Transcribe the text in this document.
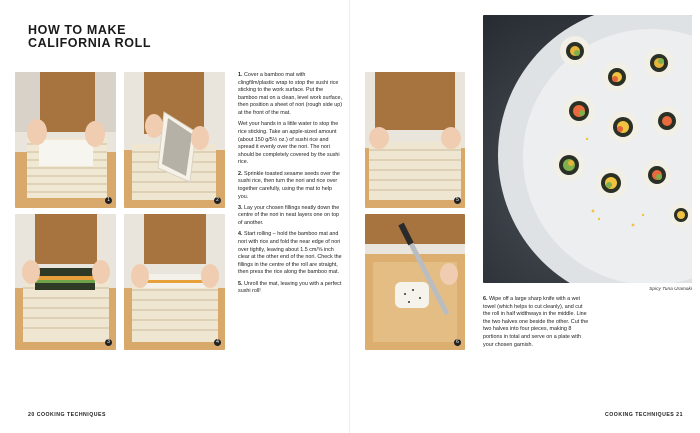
HOW TO MAKE CALIFORNIA ROLL
1	2
3	4

1. Cover a bamboo mat with clingfilm/plastic wrap to stop the sushi rice sticking to the work surface. Put the bamboo mat on a clean, level work surface, then position a sheet of nori (rough side up) at the front of the mat.

Wet your hands in a little water to stop the rice sticking. Take an apple-sized amount (about 150 g/5½ oz.) of sushi rice and spread it evenly over the nori. The nori should be completely covered by the sushi rice.

2. Sprinkle toasted sesame seeds over the sushi rice, then turn the nori and rice over together carefully, using the mat to help you.

3. Lay your chosen fillings neatly down the centre of the nori in neat layers one on top of another.

4. Start rolling – hold the bamboo mat and nori with rice and fold the near edge of nori over tightly, leaving about 1.5 cm/⅝ inch clear at the other end of the nori. Check the fillings in the centre of the roll are straight, then press the rice along the bamboo mat.

5. Unroll the mat, leaving you with a perfect sushi roll!

20 COOKING TECHNIQUES
5
6
Spicy Tuna Uramaki

6. Wipe off a large sharp knife with a wet towel (which helps to cut cleanly), and cut the roll in half widthways in the middle. Line the two halves one beside the other. Cut the two halves into four pieces, making 8 portions in total and serve on a plate with your chosen garnish.

COOKING TECHNIQUES 21
